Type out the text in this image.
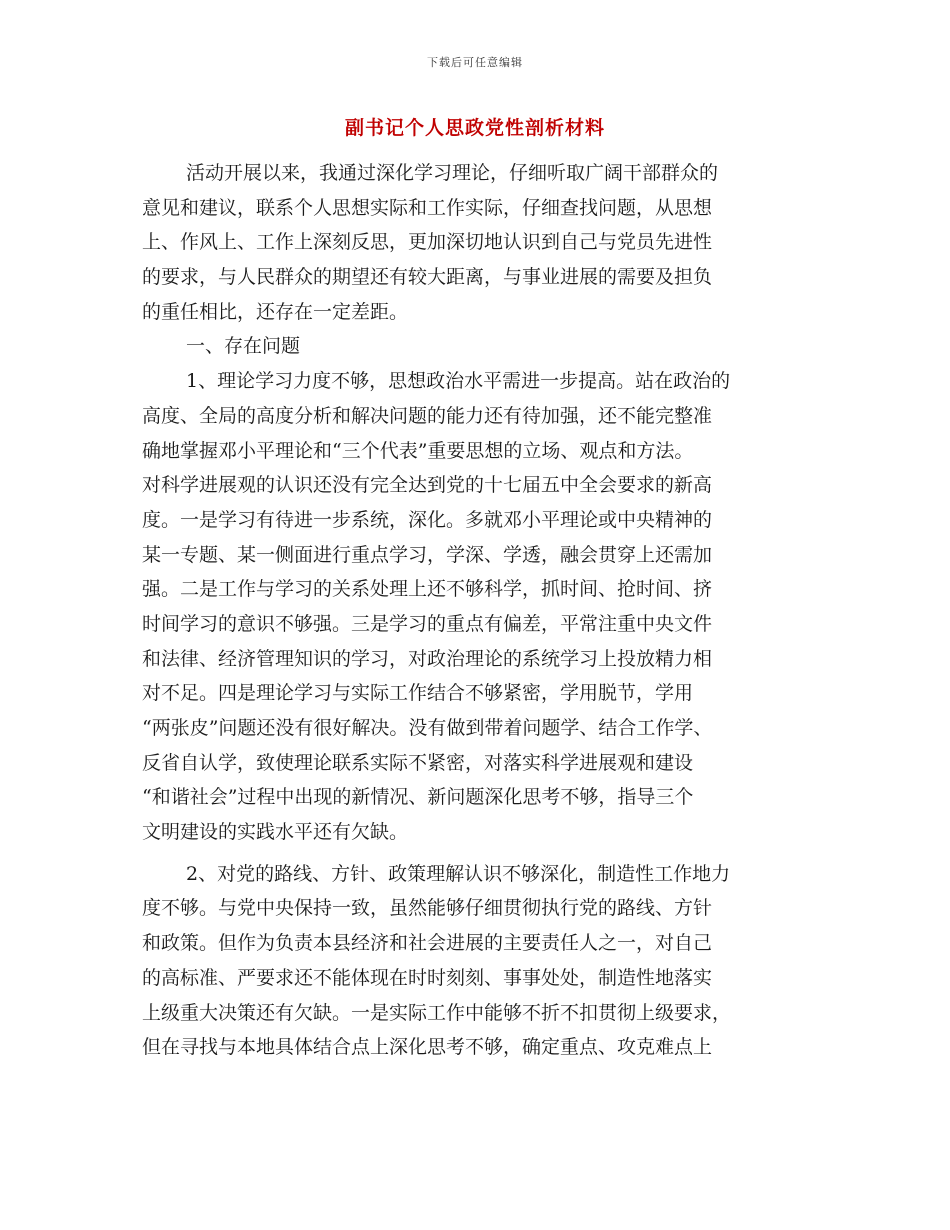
下载后可任意编辑
副书记个人思政党性剖析材料
活动开展以来，我通过深化学习理论，仔细听取广阔干部群众的
意见和建议，联系个人思想实际和工作实际，仔细查找问题，从思想
上、作风上、工作上深刻反思，更加深切地认识到自己与党员先进性
的要求，与人民群众的期望还有较大距离，与事业进展的需要及担负
的重任相比，还存在一定差距。
一、存在问题
1、理论学习力度不够，思想政治水平需进一步提高。站在政治的
高度、全局的高度分析和解决问题的能力还有待加强，还不能完整准
确地掌握邓小平理论和“三个代表”重要思想的立场、观点和方法。
对科学进展观的认识还没有完全达到党的十七届五中全会要求的新高
度。一是学习有待进一步系统，深化。多就邓小平理论或中央精神的
某一专题、某一侧面进行重点学习，学深、学透，融会贯穿上还需加
强。二是工作与学习的关系处理上还不够科学，抓时间、抢时间、挤
时间学习的意识不够强。三是学习的重点有偏差，平常注重中央文件
和法律、经济管理知识的学习，对政治理论的系统学习上投放精力相
对不足。四是理论学习与实际工作结合不够紧密，学用脱节，学用
“两张皮”问题还没有很好解决。没有做到带着问题学、结合工作学、
反省自认学，致使理论联系实际不紧密，对落实科学进展观和建设
“和谐社会”过程中出现的新情况、新问题深化思考不够，指导三个
文明建设的实践水平还有欠缺。
2、对党的路线、方针、政策理解认识不够深化，制造性工作地力
度不够。与党中央保持一致，虽然能够仔细贯彻执行党的路线、方针
和政策。但作为负责本县经济和社会进展的主要责任人之一，对自己
的高标准、严要求还不能体现在时时刻刻、事事处处，制造性地落实
上级重大决策还有欠缺。一是实际工作中能够不折不扣贯彻上级要求，
但在寻找与本地具体结合点上深化思考不够，确定重点、攻克难点上
